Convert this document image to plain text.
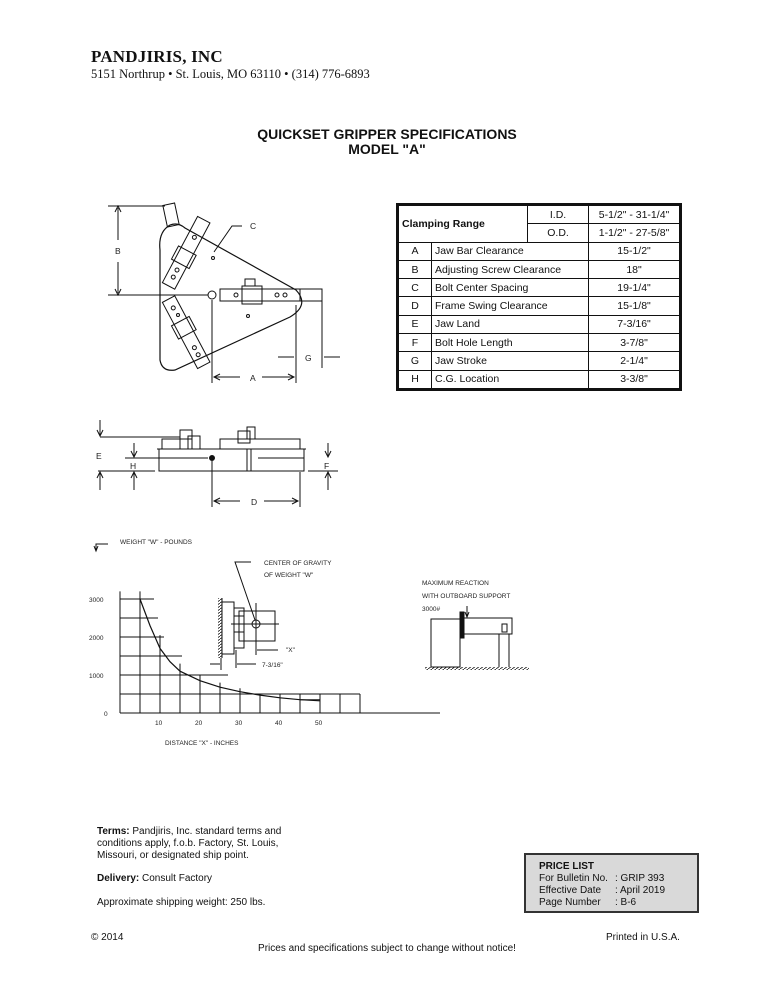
PANDJIRIS, INC
5151 Northrup • St. Louis, MO 63110 • (314) 776-6893
QUICKSET GRIPPER SPECIFICATIONS
MODEL "A"
Clamping Range		I.D.	5-1/2" - 31-1/4"
		O.D.	1-1/2" - 27-5/8"
A	Jaw Bar Clearance		15-1/2"
B	Adjusting Screw Clearance		18"
C	Bolt Center Spacing		19-1/4"
D	Frame Swing Clearance		15-1/8"
E	Jaw Land		7-3/16"
F	Bolt Hole Length		3-7/8"
G	Jaw Stroke		2-1/4"
H	C.G. Location		3-3/8"
B
C
A
G
E
H	F
D
WEIGHT "W" - POUNDS
DISTANCE "X" - INCHES
10	20	30	40	50
0
1000
2000
3000
CENTER OF GRAVITY
OF WEIGHT "W"
"X"
7-3/16"
MAXIMUM REACTION
WITH OUTBOARD SUPPORT
3000#
Terms: Pandjiris, Inc. standard terms and conditions apply, f.o.b. Factory, St. Louis, Missouri, or designated ship point.
Delivery: Consult Factory
Approximate shipping weight: 250 lbs.
PRICE LIST
For Bulletin No. : GRIP 393
Effective Date : April 2019
Page Number : B-6
© 2014	Printed in U.S.A.
Prices and specifications subject to change without notice!
